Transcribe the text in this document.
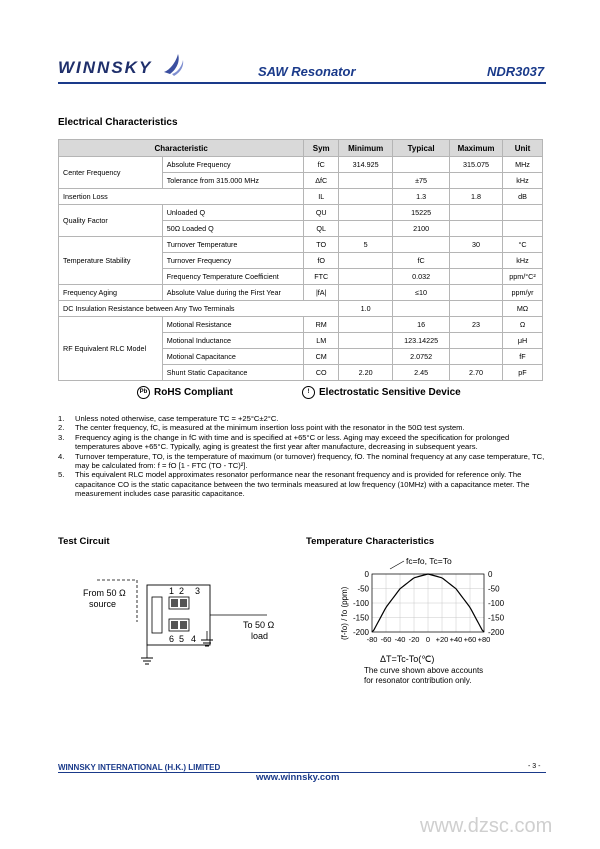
WINNSKY	SAW Resonator	NDR3037
Electrical Characteristics
Characteristic		Sym	Minimum	Typical	Maximum	Unit
Center Frequency	Absolute Frequency	fC	314.925		315.075	MHz
	Tolerance from 315.000 MHz	ΔfC		±75		kHz
Insertion Loss		IL		1.3	1.8	dB
Quality Factor	Unloaded Q	QU		15225		
	50Ω Loaded Q	QL		2100		
Temperature Stability	Turnover Temperature	TO	5		30	°C
	Turnover Frequency	fO		fC		kHz
	Frequency Temperature Coefficient	FTC		0.032		ppm/°C²
Frequency Aging	Absolute Value during the First Year	|fA|		≤10		ppm/yr
DC Insulation Resistance between Any Two Terminals			1.0			MΩ
RF Equivalent RLC Model	Motional Resistance	RM		16	23	Ω
	Motional Inductance	LM		123.14225		μH
	Motional Capacitance	CM		2.0752		fF
	Shunt Static Capacitance	CO	2.20	2.45	2.70	pF
Pb RoHS Compliant	! Electrostatic Sensitive Device
1. Unless noted otherwise, case temperature TC = +25°C±2°C.
2. The center frequency, fC, is measured at the minimum insertion loss point with the resonator in the 50Ω test system.
3. Frequency aging is the change in fC with time and is specified at +65°C or less. Aging may exceed the specification for prolonged temperatures above +65°C. Typically, aging is greatest the first year after manufacture, decreasing in subsequent years.
4. Turnover temperature, TO, is the temperature of maximum (or turnover) frequency, fO. The nominal frequency at any case temperature, TC, may be calculated from: f = fO [1 - FTC (TO - TC)²].
5. This equivalent RLC model approximates resonator performance near the resonant frequency and is provided for reference only. The capacitance CO is the static capacitance between the two terminals measured at low frequency (10MHz) with a capacitance meter. The measurement includes case parasitic capacitance.
Test Circuit
From 50 Ω
source
1 2 3
6 5 4
To 50 Ω
load
Temperature Characteristics
fc=fo, Tc=To
(f-fo) / fo (ppm)
0
-50
-100
-150
-200
0
-50
-100
-150
-200
-80 -60 -40 -20 0 +20 +40 +60 +80
ΔT=Tc-To(℃)
The curve shown above accounts
for resonator contribution only.
WINNSKY INTERNATIONAL (H.K.) LIMITED	- 3 -
www.winnsky.com
www.dzsc.com
